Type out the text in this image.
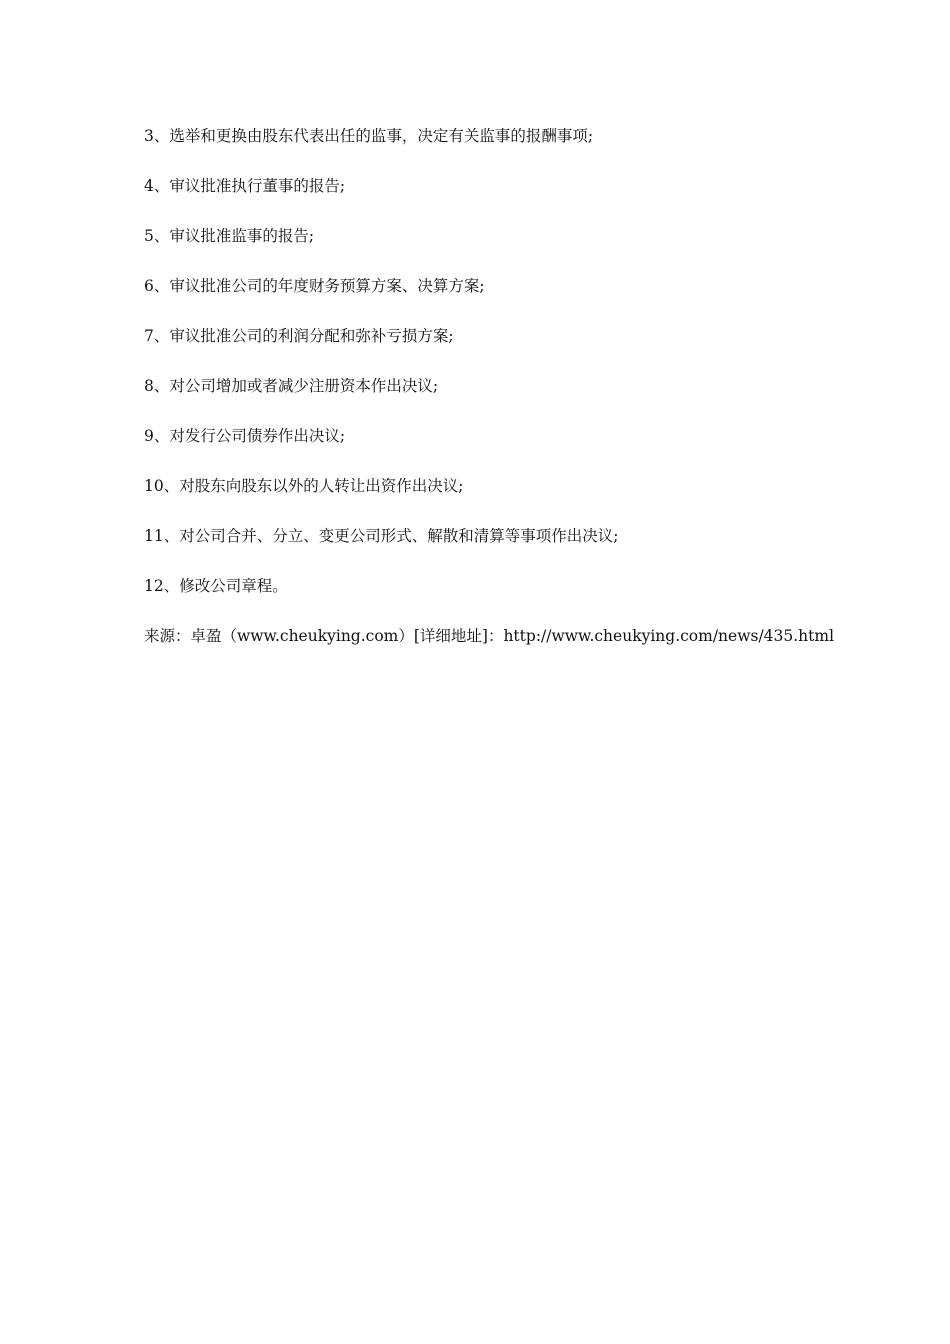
3、选举和更换由股东代表出任的监事，决定有关监事的报酬事项;
4、审议批准执行董事的报告;
5、审议批准监事的报告;
6、审议批准公司的年度财务预算方案、决算方案;
7、审议批准公司的利润分配和弥补亏损方案;
8、对公司增加或者减少注册资本作出决议;
9、对发行公司债券作出决议;
10、对股东向股东以外的人转让出资作出决议;
11、对公司合并、分立、变更公司形式、解散和清算等事项作出决议;
12、修改公司章程。
来源：卓盈（www.cheukying.com）[详细地址]：http://www.cheukying.com/news/435.html
